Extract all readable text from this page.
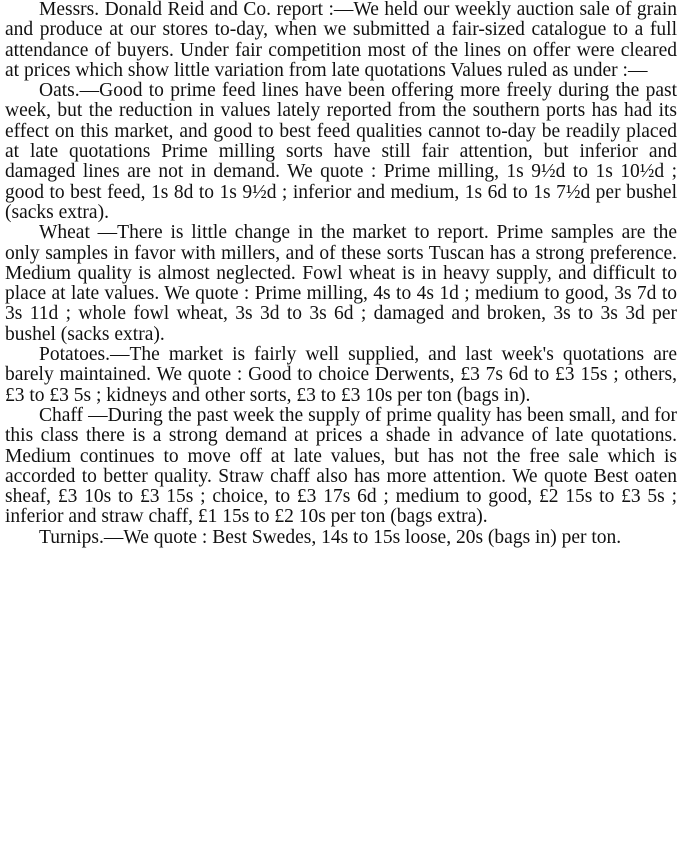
Messrs. Donald Reid and Co. report :—We held our weekly auction sale of grain and produce at our stores to-day, when we submitted a fair-sized catalogue to a full attendance of buyers. Under fair competition most of the lines on offer were cleared at prices which show little variation from late quotations Values ruled as under :—

Oats.—Good to prime feed lines have been offering more freely during the past week, but the reduction in values lately reported from the southern ports has had its effect on this market, and good to best feed qualities cannot to-day be readily placed at late quotations Prime milling sorts have still fair attention, but inferior and damaged lines are not in demand. We quote : Prime milling, 1s 9½d to 1s 10½d ; good to best feed, 1s 8d to 1s 9½d ; inferior and medium, 1s 6d to 1s 7½d per bushel (sacks extra).

Wheat —There is little change in the market to report. Prime samples are the only samples in favor with millers, and of these sorts Tuscan has a strong preference. Medium quality is almost neglected. Fowl wheat is in heavy supply, and difficult to place at late values. We quote : Prime milling, 4s to 4s 1d ; medium to good, 3s 7d to 3s 11d ; whole fowl wheat, 3s 3d to 3s 6d ; damaged and broken, 3s to 3s 3d per bushel (sacks extra).

Potatoes.—The market is fairly well supplied, and last week's quotations are barely maintained. We quote : Good to choice Derwents, £3 7s 6d to £3 15s ; others, £3 to £3 5s ; kidneys and other sorts, £3 to £3 10s per ton (bags in).

Chaff —During the past week the supply of prime quality has been small, and for this class there is a strong demand at prices a shade in advance of late quotations. Medium continues to move off at late values, but has not the free sale which is accorded to better quality. Straw chaff also has more attention. We quote Best oaten sheaf, £3 10s to £3 15s ; choice, to £3 17s 6d ; medium to good, £2 15s to £3 5s ; inferior and straw chaff, £1 15s to £2 10s per ton (bags extra).

Turnips.—We quote : Best Swedes, 14s to 15s loose, 20s (bags in) per ton.
